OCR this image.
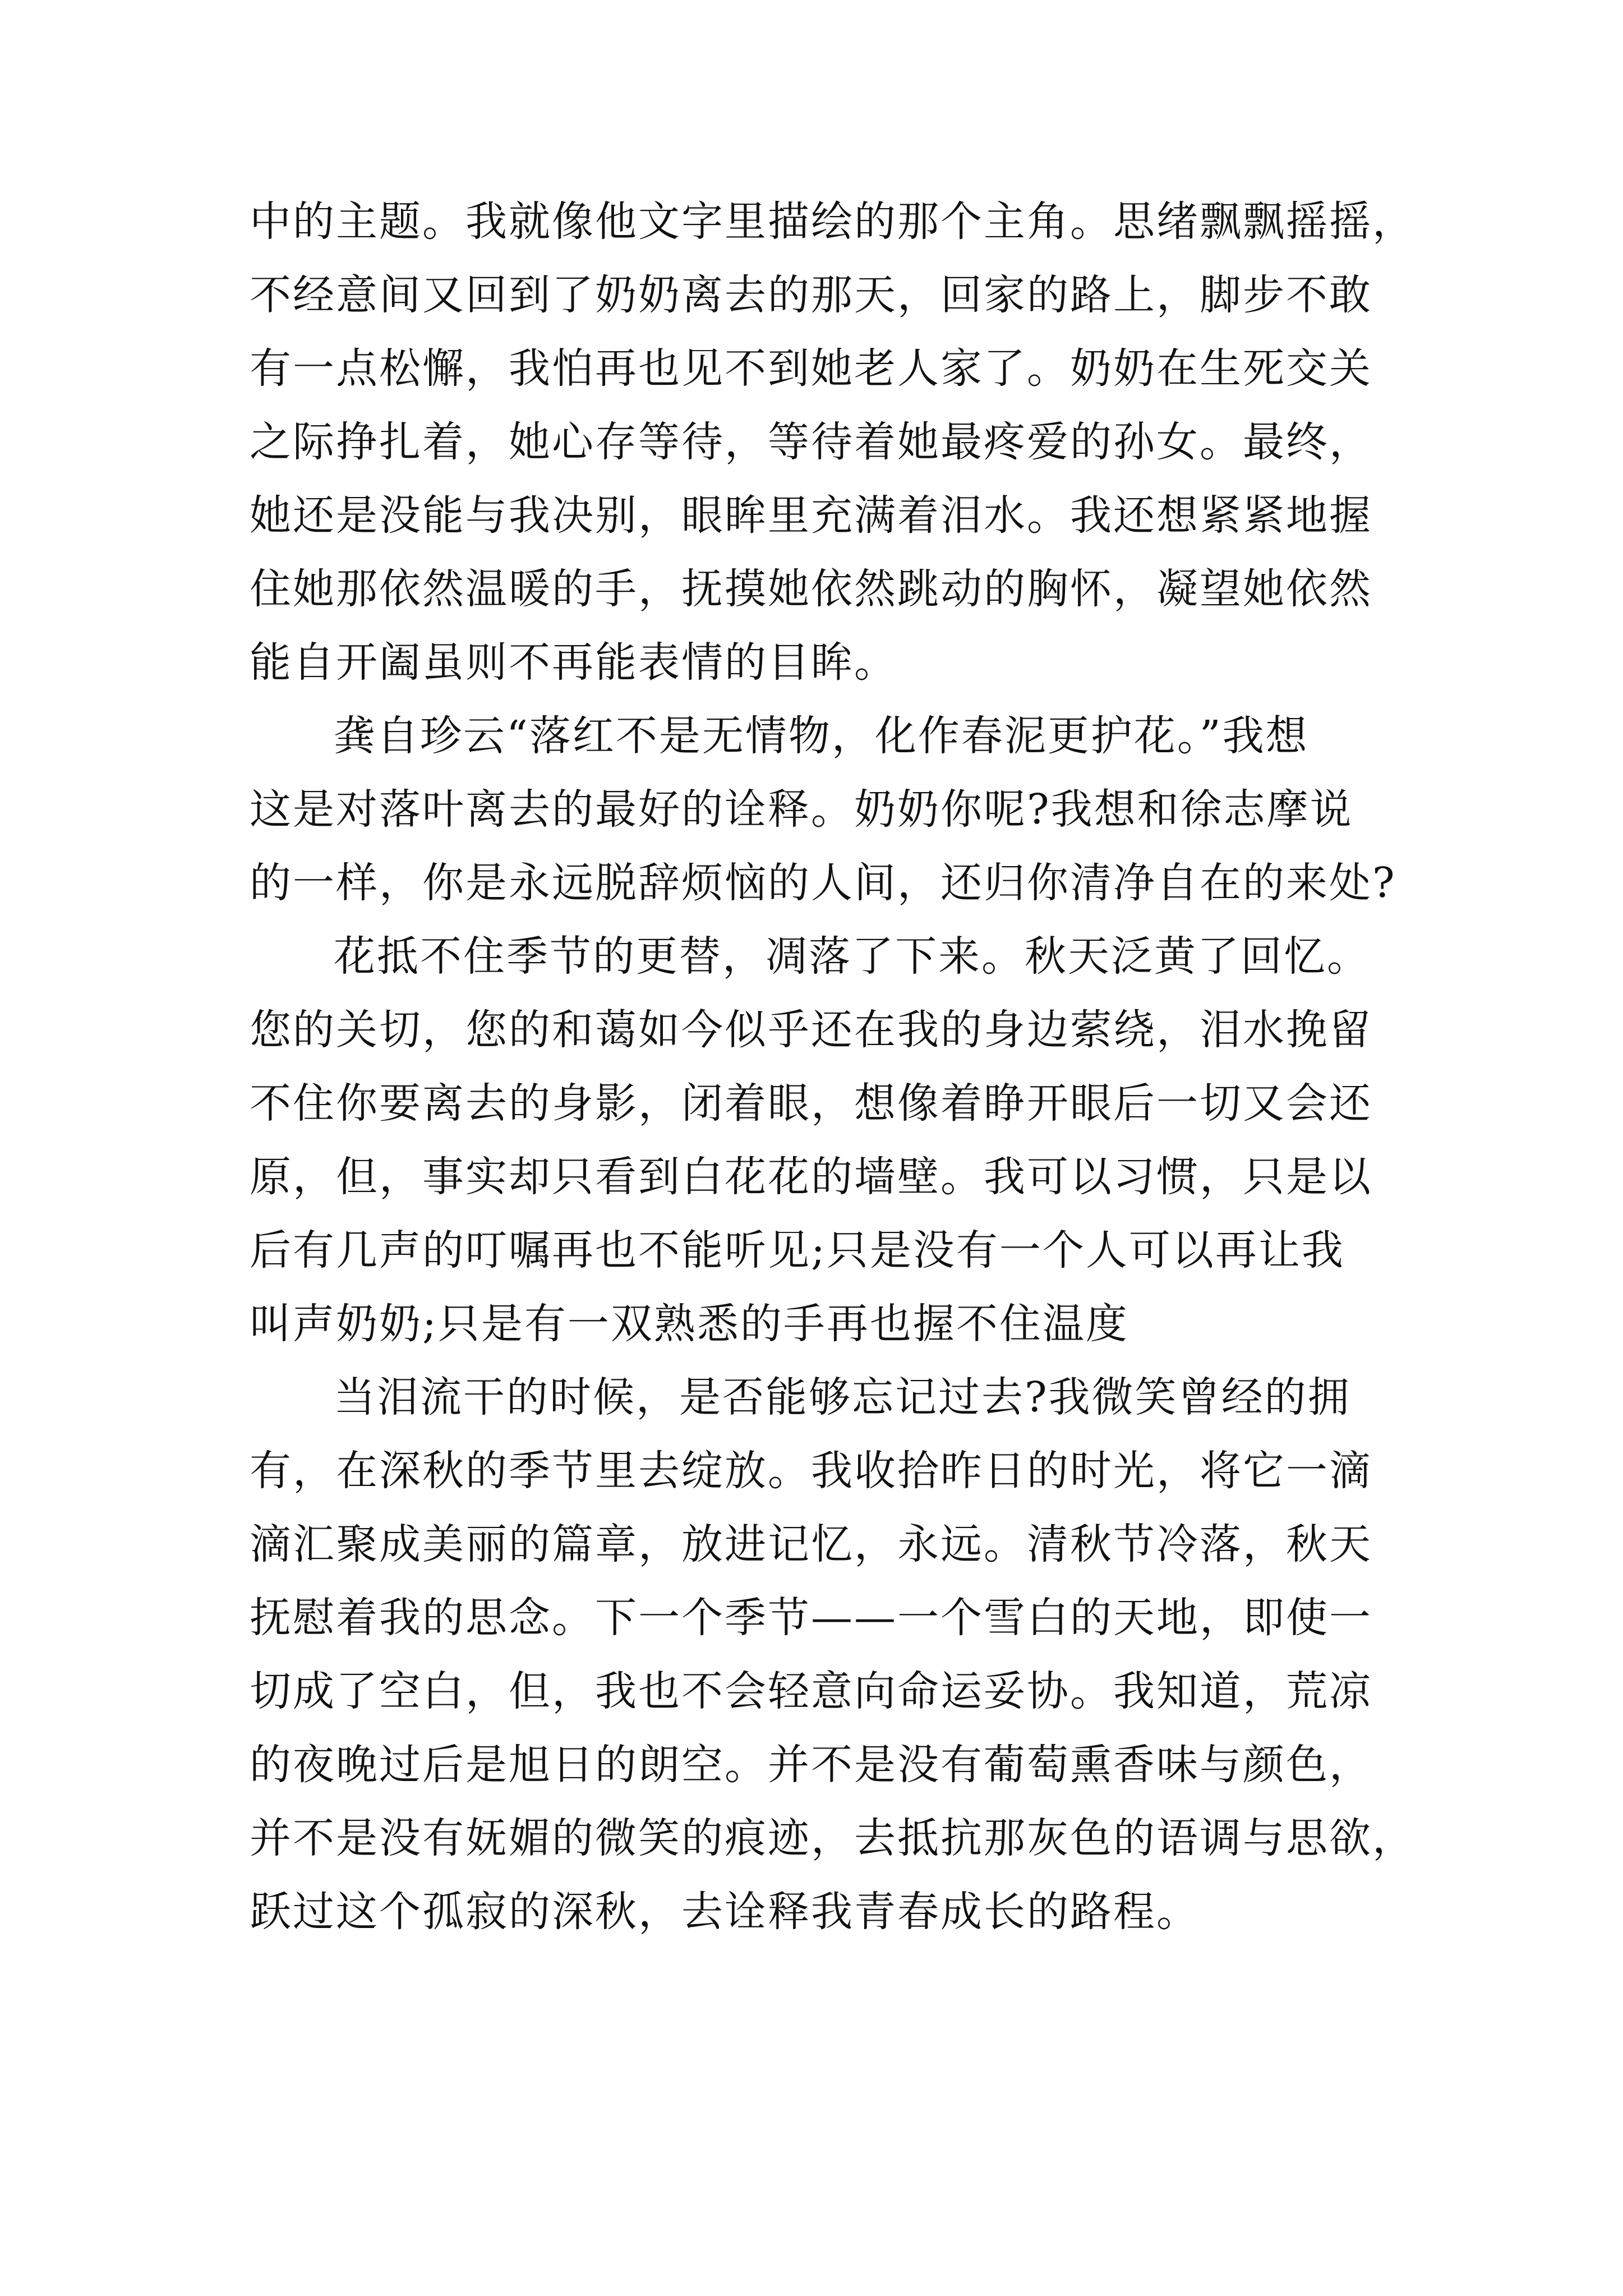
中的主题。我就像他文字里描绘的那个主角。思绪飘飘摇摇，
不经意间又回到了奶奶离去的那天，回家的路上，脚步不敢
有一点松懈，我怕再也见不到她老人家了。奶奶在生死交关
之际挣扎着，她心存等待，等待着她最疼爱的孙女。最终，
她还是没能与我决别，眼眸里充满着泪水。我还想紧紧地握
住她那依然温暖的手，抚摸她依然跳动的胸怀，凝望她依然
能自开阖虽则不再能表情的目眸。
龚自珍云“落红不是无情物，化作春泥更护花。”我想
这是对落叶离去的最好的诠释。奶奶你呢?我想和徐志摩说
的一样，你是永远脱辞烦恼的人间，还归你清净自在的来处?
花抵不住季节的更替，凋落了下来。秋天泛黄了回忆。
您的关切，您的和蔼如今似乎还在我的身边萦绕，泪水挽留
不住你要离去的身影，闭着眼，想像着睁开眼后一切又会还
原，但，事实却只看到白花花的墙壁。我可以习惯，只是以
后有几声的叮嘱再也不能听见;只是没有一个人可以再让我
叫声奶奶;只是有一双熟悉的手再也握不住温度
当泪流干的时候，是否能够忘记过去?我微笑曾经的拥
有，在深秋的季节里去绽放。我收拾昨日的时光，将它一滴
滴汇聚成美丽的篇章，放进记忆，永远。清秋节冷落，秋天
抚慰着我的思念。下一个季节——一个雪白的天地，即使一
切成了空白，但，我也不会轻意向命运妥协。我知道，荒凉
的夜晚过后是旭日的朗空。并不是没有葡萄熏香味与颜色，
并不是没有妩媚的微笑的痕迹，去抵抗那灰色的语调与思欲，
跃过这个孤寂的深秋，去诠释我青春成长的路程。
